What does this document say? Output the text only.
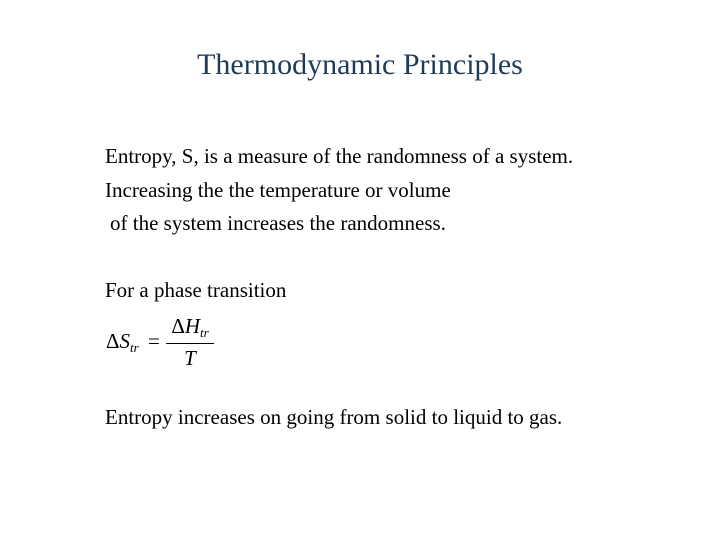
Thermodynamic Principles
Entropy, S, is a measure of the randomness of a system.
Increasing the the temperature or volume
of the system increases the randomness.
For a phase transition
ΔStr =
ΔHtr
T
Entropy increases on going from solid to liquid to gas.
